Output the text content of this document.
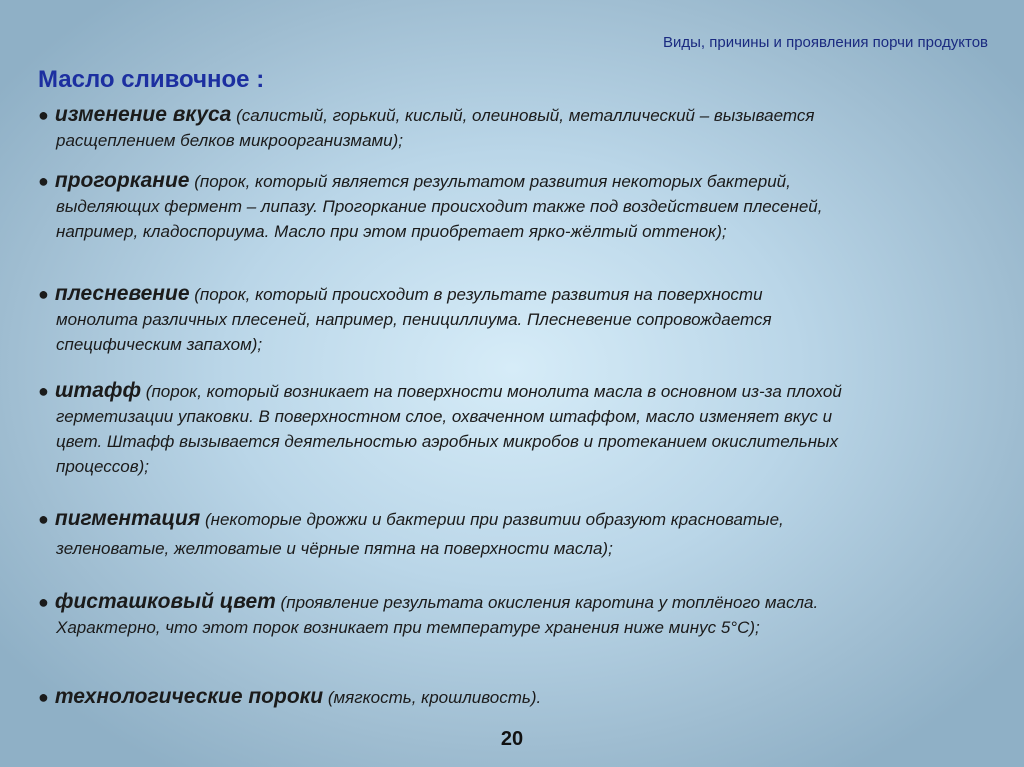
Виды, причины и проявления порчи продуктов
Масло сливочное :
● изменение вкуса (салистый, горький, кислый, олеиновый, металлический – вызывается
расщеплением белков микроорганизмами);
● прогоркание (порок, который является результатом развития некоторых бактерий,
выделяющих фермент – липазу. Прогоркание происходит также под воздействием плесеней,
например, кладоспориума. Масло при этом приобретает ярко-жёлтый оттенок);
● плесневение (порок, который происходит в результате развития на поверхности
монолита различных плесеней, например, пенициллиума. Плесневение сопровождается
специфическим запахом);
● штафф (порок, который возникает на поверхности монолита масла в основном из-за плохой
герметизации упаковки. В поверхностном слое, охваченном штаффом, масло изменяет вкус и
цвет. Штафф вызывается деятельностью аэробных микробов и протеканием окислительных
процессов);
● пигментация (некоторые дрожжи и бактерии при развитии образуют красноватые,
зеленоватые, желтоватые и чёрные пятна на поверхности масла);
● фисташковый цвет (проявление результата окисления каротина у топлёного масла.
Характерно, что этот порок возникает при температуре хранения ниже минус 5°С);
● технологические пороки (мягкость, крошливость).
20
